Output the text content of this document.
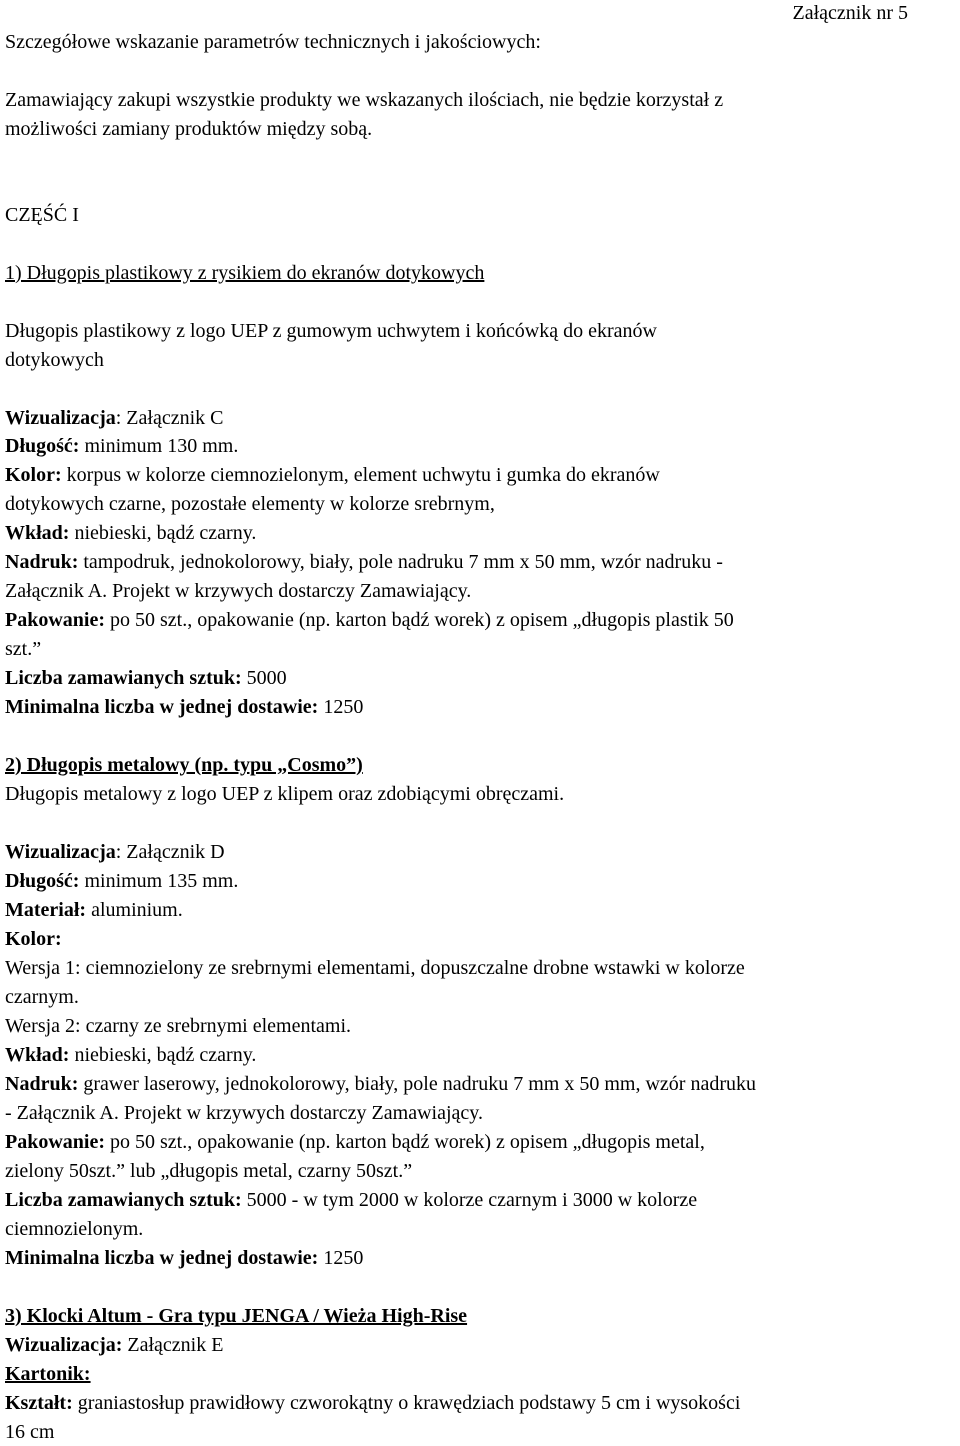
Szczegółowe wskazanie parametrów technicznych i jakościowych:
Załącznik nr 5
Zamawiający zakupi wszystkie produkty we wskazanych ilościach, nie będzie korzystał z
możliwości zamiany produktów między sobą.
CZĘŚĆ I
1) Długopis plastikowy z rysikiem do ekranów dotykowych
Długopis plastikowy z logo UEP z gumowym uchwytem i końcówką do ekranów
dotykowych
Wizualizacja: Załącznik C
Długość: minimum 130 mm.
Kolor: korpus w kolorze ciemnozielonym, element uchwytu i gumka do ekranów
dotykowych czarne, pozostałe elementy w kolorze srebrnym,
Wkład: niebieski, bądź czarny.
Nadruk: tampodruk, jednokolorowy, biały, pole nadruku 7 mm x 50 mm, wzór nadruku -
Załącznik A. Projekt w krzywych dostarczy Zamawiający.
Pakowanie: po 50 szt., opakowanie (np. karton bądź worek) z opisem „długopis plastik 50
szt.”
Liczba zamawianych sztuk: 5000
Minimalna liczba w jednej dostawie: 1250
2) Długopis metalowy (np. typu „Cosmo”)
Długopis metalowy z logo UEP z klipem oraz zdobiącymi obręczami.
Wizualizacja: Załącznik D
Długość: minimum 135 mm.
Materiał: aluminium.
Kolor:
Wersja 1: ciemnozielony ze srebrnymi elementami, dopuszczalne drobne wstawki w kolorze
czarnym.
Wersja 2: czarny ze srebrnymi elementami.
Wkład: niebieski, bądź czarny.
Nadruk: grawer laserowy, jednokolorowy, biały, pole nadruku 7 mm x 50 mm, wzór nadruku
- Załącznik A. Projekt w krzywych dostarczy Zamawiający.
Pakowanie: po 50 szt., opakowanie (np. karton bądź worek) z opisem „długopis metal,
zielony 50szt.” lub „długopis metal, czarny 50szt.”
Liczba zamawianych sztuk: 5000 - w tym 2000 w kolorze czarnym i 3000 w kolorze
ciemnozielonym.
Minimalna liczba w jednej dostawie: 1250
3) Klocki Altum - Gra typu JENGA / Wieża High-Rise
Wizualizacja: Załącznik E
Kartonik:
Kształt: graniastosłup prawidłowy czworokątny o krawędziach podstawy 5 cm i wysokości
16 cm
